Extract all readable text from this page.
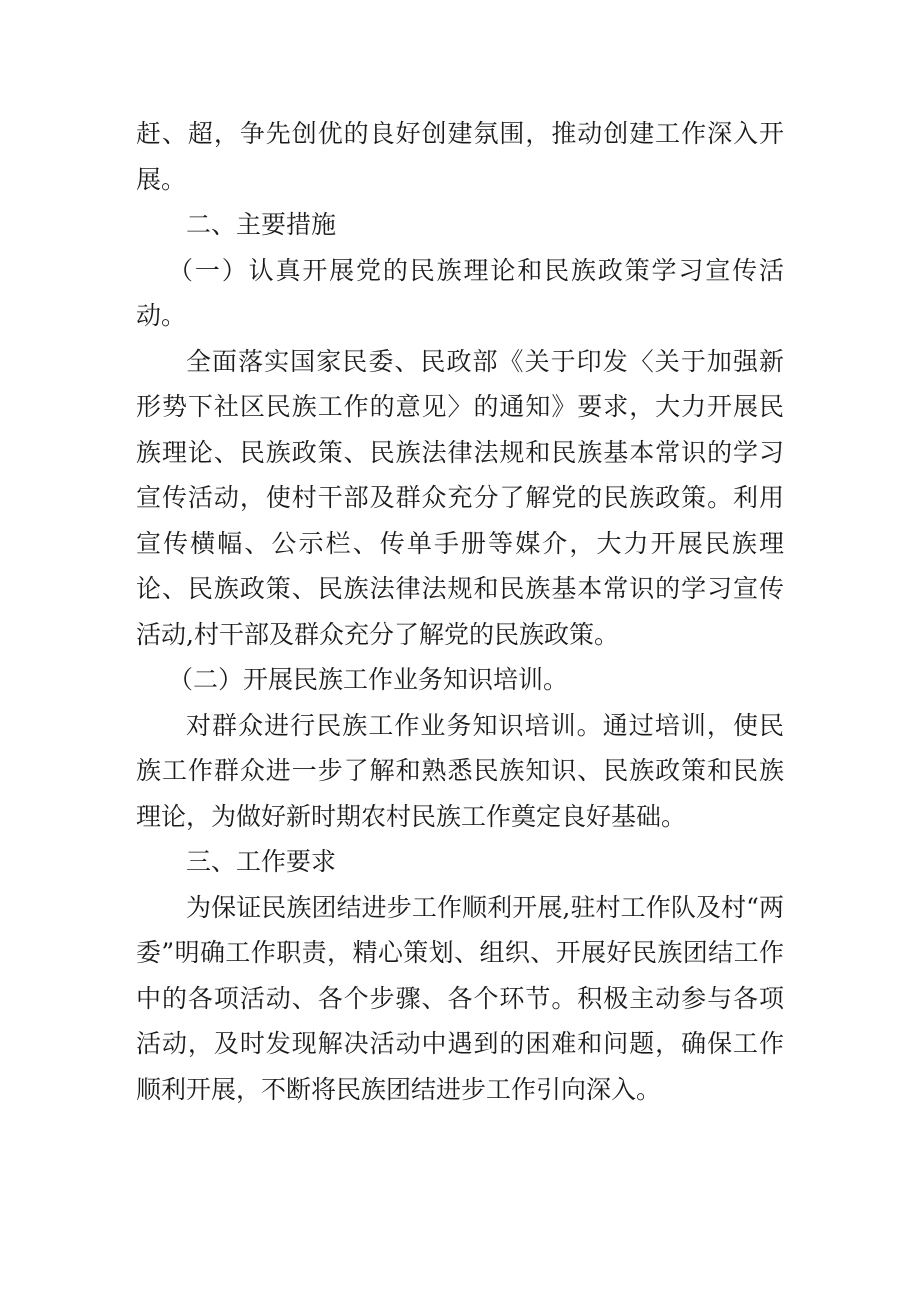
赶、超，争先创优的良好创建氛围，推动创建工作深入开展。

二、主要措施

（一）认真开展党的民族理论和民族政策学习宣传活动。

全面落实国家民委、民政部《关于印发〈关于加强新形势下社区民族工作的意见〉的通知》要求，大力开展民族理论、民族政策、民族法律法规和民族基本常识的学习宣传活动，使村干部及群众充分了解党的民族政策。利用宣传横幅、公示栏、传单手册等媒介，大力开展民族理论、民族政策、民族法律法规和民族基本常识的学习宣传活动,村干部及群众充分了解党的民族政策。

（二）开展民族工作业务知识培训。

对群众进行民族工作业务知识培训。通过培训，使民族工作群众进一步了解和熟悉民族知识、民族政策和民族理论，为做好新时期农村民族工作奠定良好基础。

三、工作要求

为保证民族团结进步工作顺利开展,驻村工作队及村“两委”明确工作职责，精心策划、组织、开展好民族团结工作中的各项活动、各个步骤、各个环节。积极主动参与各项活动，及时发现解决活动中遇到的困难和问题，确保工作顺利开展，不断将民族团结进步工作引向深入。
